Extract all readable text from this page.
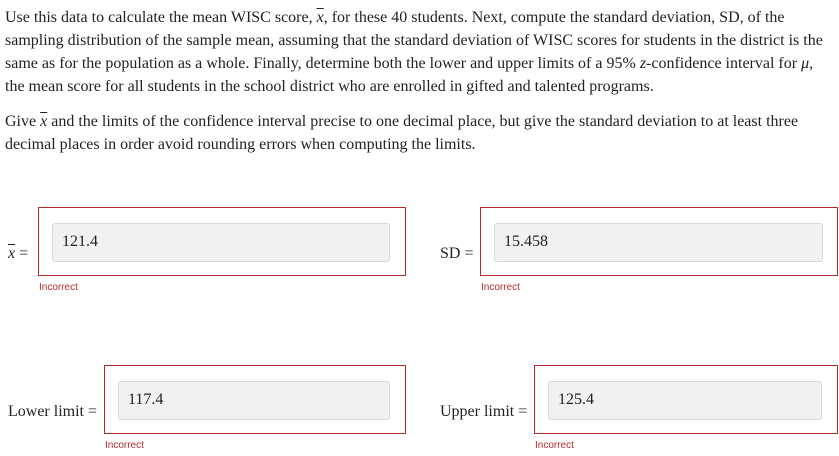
Use this data to calculate the mean WISC score, $\overline{x}$, for these 40 students. Next, compute the standard deviation, SD, of the sampling distribution of the sample mean, assuming that the standard deviation of WISC scores for students in the district is the same as for the population as a whole. Finally, determine both the lower and upper limits of a 95% z-confidence interval for μ, the mean score for all students in the school district who are enrolled in gifted and talented programs.
Give $\overline{x}$ and the limits of the confidence interval precise to one decimal place, but give the standard deviation to at least three decimal places in order avoid rounding errors when computing the limits.
$\overline{x}$ =
121.4
Incorrect
SD =
15.458
Incorrect
Lower limit =
117.4
Incorrect
Upper limit =
125.4
Incorrect
